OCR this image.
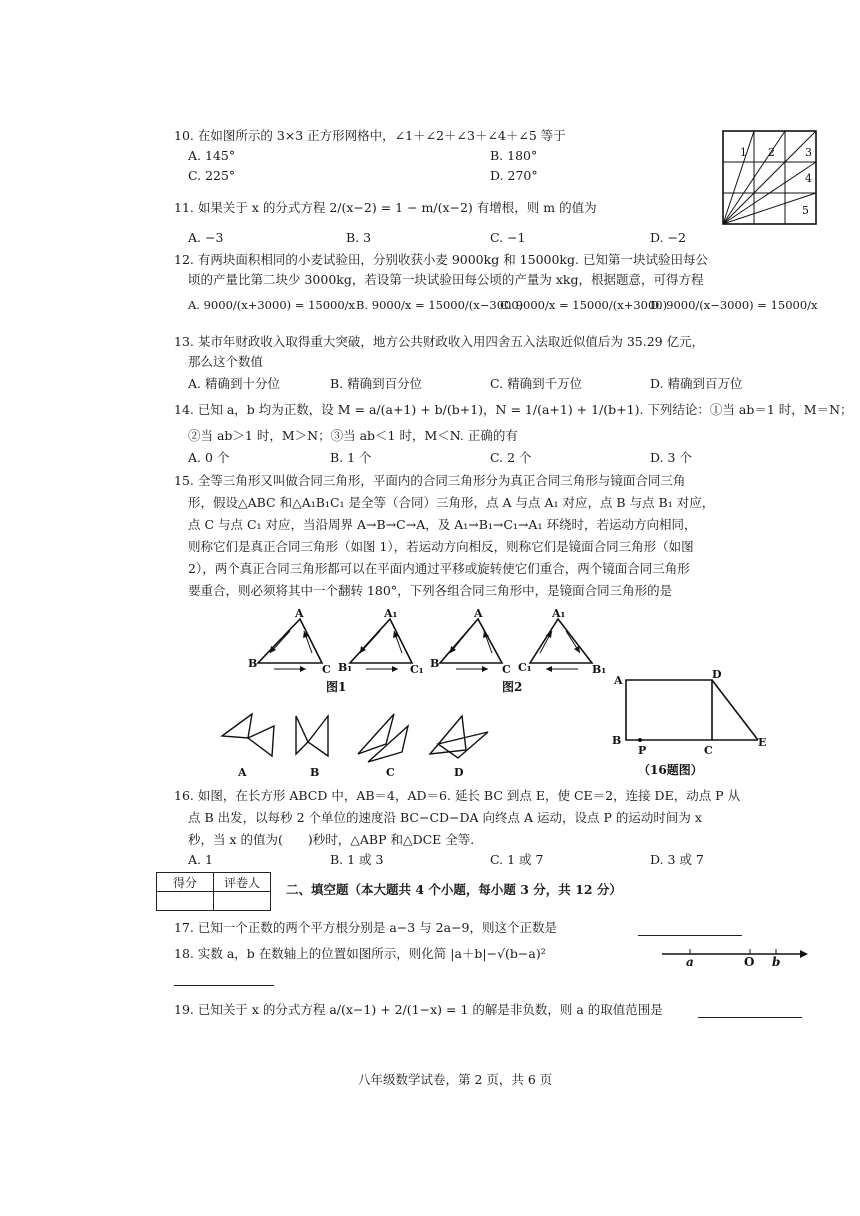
10. 在如图所示的 3×3 正方形网格中，∠1＋∠2＋∠3＋∠4＋∠5 等于
A. 145°	B. 180°
C. 225°	D. 270°
1 2	3
4
5
11. 如果关于 x 的分式方程 2/(x−2) = 1 − m/(x−2) 有增根，则 m 的值为
A. −3	B. 3	C. −1	D. −2
12. 有两块面积相同的小麦试验田，分别收获小麦 9000kg 和 15000kg. 已知第一块试验田每公
顷的产量比第二块少 3000kg，若设第一块试验田每公顷的产量为 xkg，根据题意，可得方程
A. 9000/(x+3000) = 15000/x B. 9000/x = 15000/(x−3000)
C. 9000/x = 15000/(x+3000)
D. 9000/(x−3000) = 15000/x
13. 某市年财政收入取得重大突破，地方公共财政收入用四舍五入法取近似值后为 35.29 亿元，
那么这个数值
A. 精确到十分位	B. 精确到百分位	C. 精确到千万位	D. 精确到百万位
14. 已知 a，b 均为正数，设 M = a/(a+1) + b/(b+1)，N = 1/(a+1) + 1/(b+1). 下列结论：①当 ab＝1 时，M＝N；
②当 ab＞1 时，M＞N；③当 ab＜1 时，M＜N. 正确的有
A. 0 个	B. 1 个	C. 2 个	D. 3 个
15. 全等三角形又叫做合同三角形，平面内的合同三角形分为真正合同三角形与镜面合同三角
形，假设△ABC 和△A₁B₁C₁ 是全等（合同）三角形，点 A 与点 A₁ 对应，点 B 与点 B₁ 对应，
点 C 与点 C₁ 对应，当沿周界 A→B→C→A，及 A₁→B₁→C₁→A₁ 环绕时，若运动方向相同，
则称它们是真正合同三角形（如图 1），若运动方向相反，则称它们是镜面合同三角形（如图
2），两个真正合同三角形都可以在平面内通过平移或旋转使它们重合，两个镜面合同三角形
要重合，则必须将其中一个翻转 180°，下列各组合同三角形中，是镜面合同三角形的是
A
B	C
A₁
B₁	C₁
图1
A
B	C
A₁
C₁	B₁
图2
A	B	C	D
A	D
B
P	C
E
（16题图）
16. 如图，在长方形 ABCD 中，AB＝4，AD＝6. 延长 BC 到点 E，使 CE＝2，连接 DE，动点 P 从
点 B 出发，以每秒 2 个单位的速度沿 BC−CD−DA 向终点 A 运动，设点 P 的运动时间为 x
秒，当 x 的值为(　　)秒时，△ABP 和△DCE 全等.
A. 1	B. 1 或 3	C. 1 或 7	D. 3 或 7
得分	评卷人
	二、填空题（本大题共 4 个小题，每小题 3 分，共 12 分）
17. 已知一个正数的两个平方根分别是 a−3 与 2a−9，则这个正数是
18. 实数 a，b 在数轴上的位置如图所示，则化简 |a＋b|−√(b−a)²
a	O b
19. 已知关于 x 的分式方程 a/(x−1) + 2/(1−x) = 1 的解是非负数，则 a 的取值范围是
八年级数学试卷，第 2 页，共 6 页
